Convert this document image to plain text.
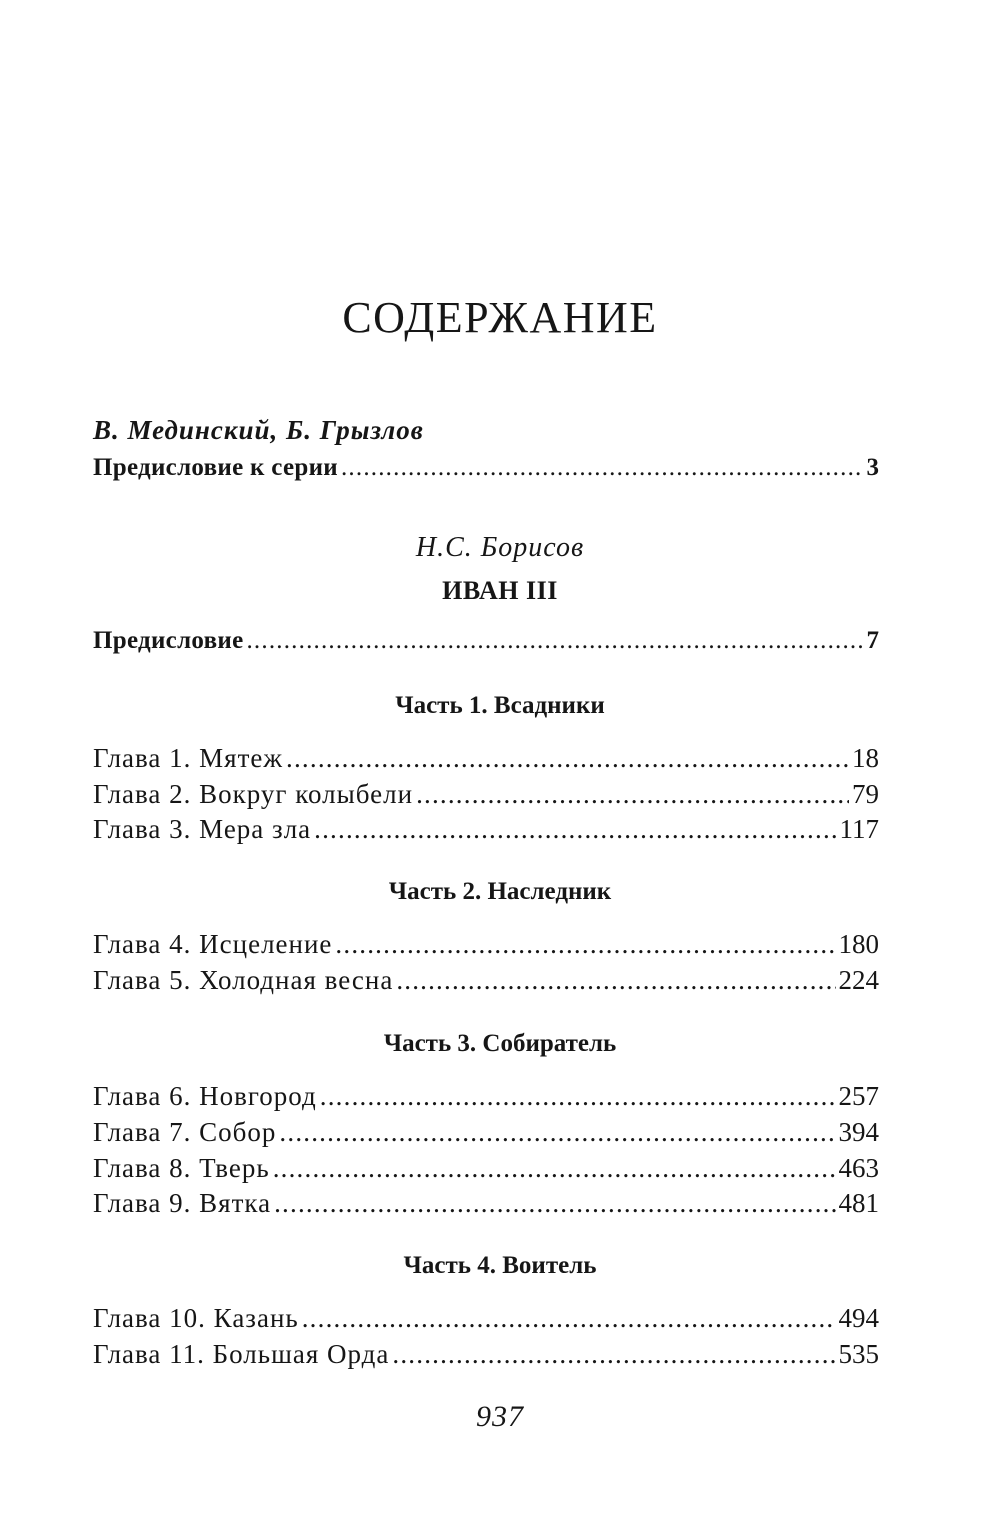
СОДЕРЖАНИЕ
В. Мединский, Б. Грызлов
Предисловие к серии .....	3
Н.С. Борисов
ИВАН III
Предисловие .....	7
Часть 1. Всадники
Глава 1. Мятеж .....	18
Глава 2. Вокруг колыбели .....	79
Глава 3. Мера зла .....	117
Часть 2. Наследник
Глава 4. Исцеление .....	180
Глава 5. Холодная весна .....	224
Часть 3. Собиратель
Глава 6. Новгород .....	257
Глава 7. Собор .....	394
Глава 8. Тверь .....	463
Глава 9. Вятка .....	481
Часть 4. Воитель
Глава 10. Казань .....	494
Глава 11. Большая Орда .....	535
937
